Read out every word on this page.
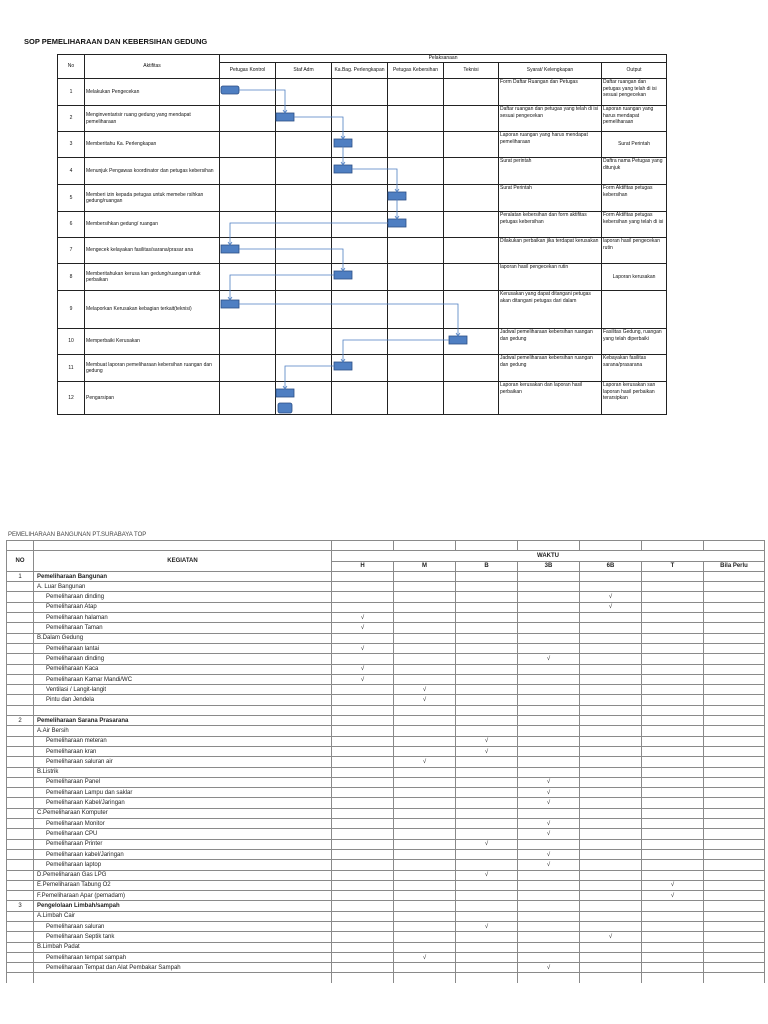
SOP PEMELIHARAAN DAN KEBERSIHAN GEDUNG
No	Aktifitas	Pelaksanaan						
		Petugas Kontrol	Staf Adm	Ka.Bag. Perlengkapan	Petugas Kebersihan	Teknisi	Syarat/ Kelengkapan	Output
1	Melakukan Pengecekan						Form Daftar Ruangan dan Petugas	Daftar ruangan dan petugas yang telah di isi sesuai pengecekan
2	Menginventarisir ruang gedung yang mendapat pemeliharaan						Daftar ruangan dan petugas yang telah di isi sesuai pengecekan	Laporan ruangan yang harus mendapat pemeliharaan
3	Memberitahu Ka. Perlengkapan						Laporan ruangan yang harus mendapat pemeliharaan	Surat Perintah
4	Menunjuk Pengawas koordinator dan petugas kebersihan						Surat perintah	Daftra nama Petugas yang ditunjuk
5	Memberi izin kepada petugas untuk memebe rsihkan gedung/ruangan						Surat Perintah	Form Aktifitas petugas kebersihan
6	Membersihkan gedung/ ruangan						Peralatan kebersihan dan form aktifitas petugas kebersihan	Form Aktifitas petugas kebersihan yang telah di isi
7	Mengecek kelayakan fasilitas/sarana/prasar ana						Dilakukan perbaikan jika terdapat kerusakan	laporan hasil pengecekan rutin
8	Memberitahukan kerusa kan gedung/ruangan untuk perbaikan						laporan hasil pengecekan rutin	Laporan kerusakan
9	Melaporkan Kerusakan kebagian terkait(teknisi)						Kerusakan yang dapat ditangani petugas akan ditangani petugas dari dalam	
10	Memperbaiki Kerusakan						Jadwal pemeliharaan kebersihan ruangan dan gedung	Fasilitas Gedung, ruangan yang telah diperbaiki
11	Membuat laporan pemeliharaan kebersihan ruangan dan gedung						Jadwal pemeliharaan kebersihan ruangan dan gedung	Kebayakan fasilitas sarana/prasarana
12	Pengarsipan						Laporan kerusakan dan laporan hasil perbaikan	Laporan kerusakan san laporan hasil perbaikan terarsipkan
PEMELIHARAAN BANGUNAN PT.SURABAYA TOP

NO	KEGIATAN	WAKTU						
		H	M	B	3B	6B	T	Bila Perlu
1	Pemeliharaan Bangunan							
	A. Luar Bangunan							
	Pemeliharaan dinding					√		
	Pemeliharaan Atap					√		
	Pemeliharaan halaman	√						
	Pemeliharaan Taman	√						
	B.Dalam Gedung							
	Pemeliharaan lantai	√						
	Pemeliharaan dinding				√			
	Pemeliharaan Kaca	√						
	Pemeliharaan Kamar Mandi/WC	√						
	Ventilasi / Langit-langit		√					
	Pintu dan Jendela		√					

2	Pemeliharaan Sarana Prasarana							
	A.Air Bersih							
	Pemeliharaan meteran			√				
	Pemeliharaan kran			√				
	Pemeliharaan saluran air		√					
	B.Listrik							
	Pemeliharaan Panel				√			
	Pemeliharaan Lampu dan saklar				√			
	Pemeliharaan Kabel/Jaringan				√			
	C.Pemeliharaan Komputer							
	Pemeliharaan Monitor				√			
	Pemeliharaan CPU				√			
	Pemeliharaan Printer			√				
	Pemeliharaan kabel/Jaringan				√			
	Pemeliharaan laptop				√			
	D.Pemeliharaan Gas LPG			√				
	E.Pemeliharaan Tabung O2						√	
	F.Pemeliharaan Apar (pemadam)						√	
3	Pengelolaan Limbah/sampah							
	A.Limbah Cair							
	Pemeliharaan saluran			√				
	Pemeliharaan Septik tank					√		
	B.Limbah Padat							
	Pemeliharaan tempat sampah		√					
	Pemeliharaan Tempat dan Alat Pembakar Sampah				√			
